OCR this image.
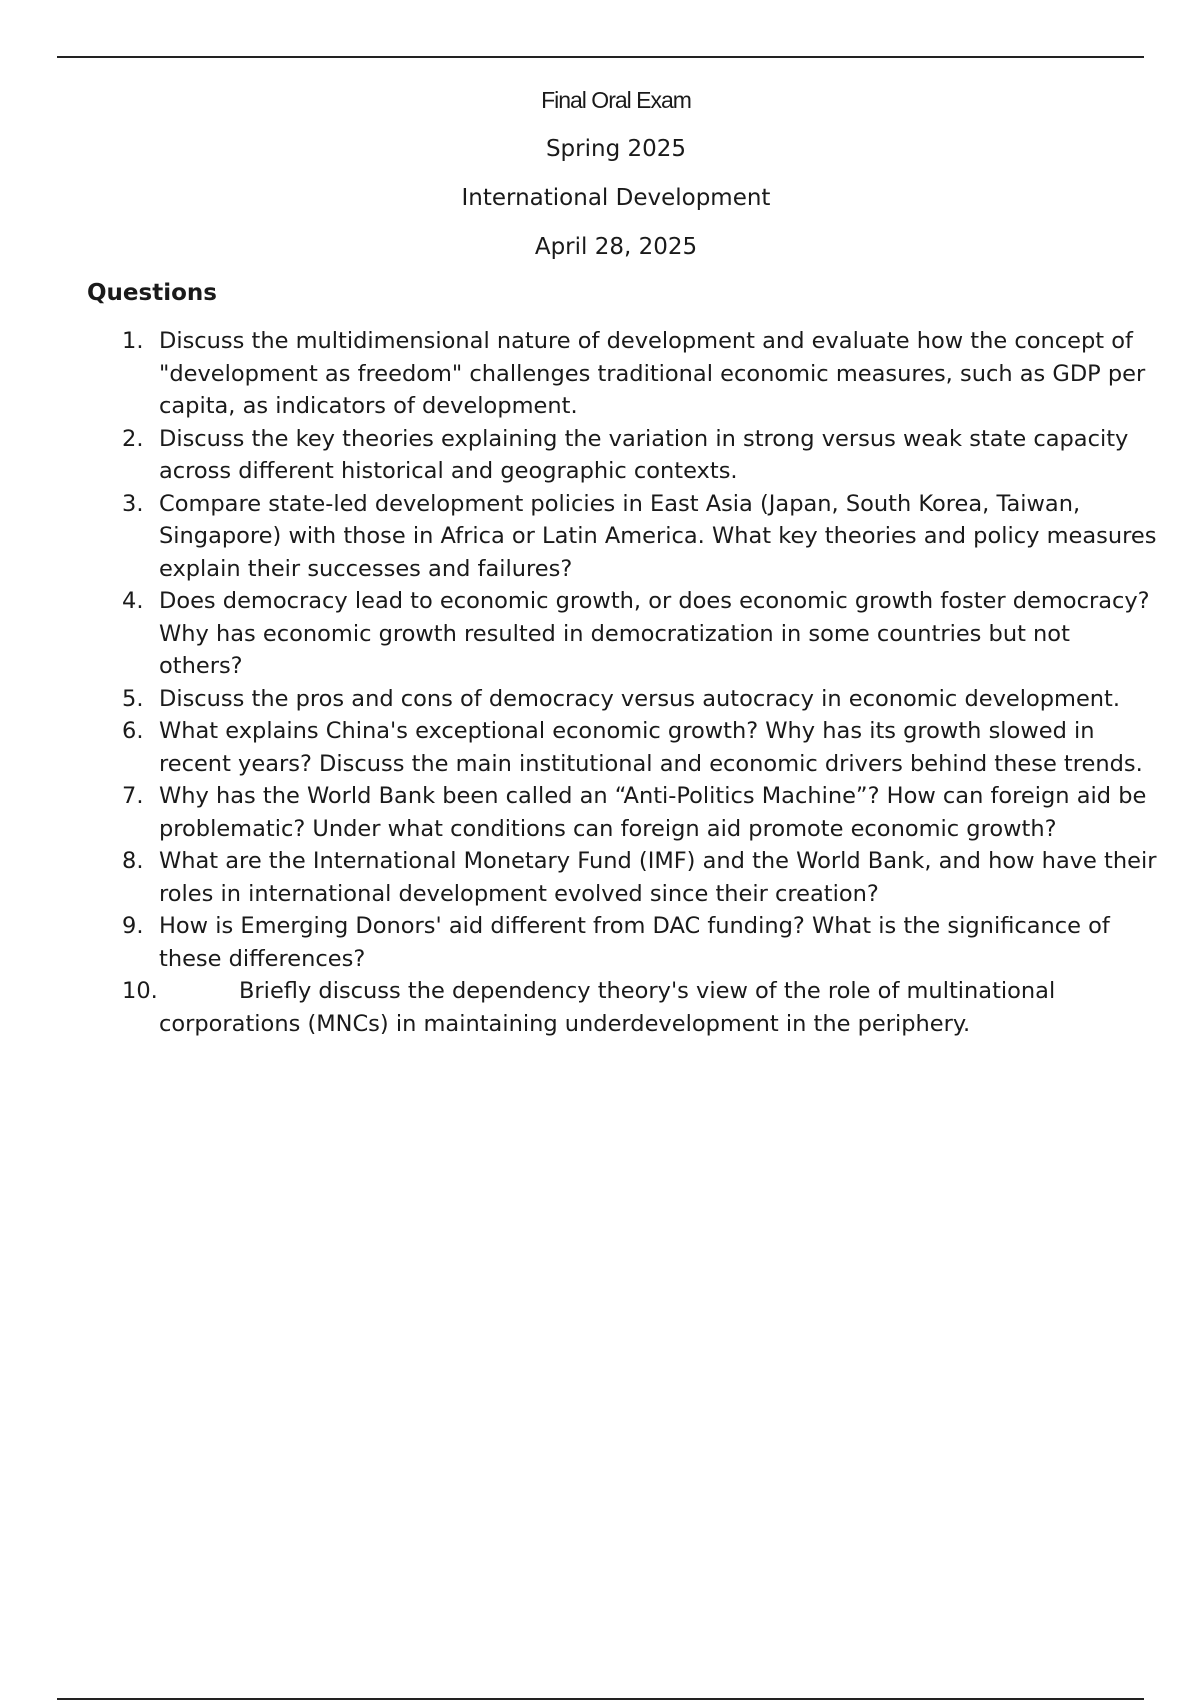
Final Oral Exam
Spring 2025
International Development
April 28, 2025
Questions
1. Discuss the multidimensional nature of development and evaluate how the concept of "development as freedom" challenges traditional economic measures, such as GDP per capita, as indicators of development.
2. Discuss the key theories explaining the variation in strong versus weak state capacity across different historical and geographic contexts.
3. Compare state-led development policies in East Asia (Japan, South Korea, Taiwan, Singapore) with those in Africa or Latin America. What key theories and policy measures explain their successes and failures?
4. Does democracy lead to economic growth, or does economic growth foster democracy? Why has economic growth resulted in democratization in some countries but not others?
5. Discuss the pros and cons of democracy versus autocracy in economic development.
6. What explains China's exceptional economic growth? Why has its growth slowed in recent years? Discuss the main institutional and economic drivers behind these trends.
7. Why has the World Bank been called an “Anti-Politics Machine”? How can foreign aid be problematic? Under what conditions can foreign aid promote economic growth?
8. What are the International Monetary Fund (IMF) and the World Bank, and how have their roles in international development evolved since their creation?
9. How is Emerging Donors' aid different from DAC funding? What is the significance of these differences?
10.	Briefly discuss the dependency theory's view of the role of multinational corporations (MNCs) in maintaining underdevelopment in the periphery.
